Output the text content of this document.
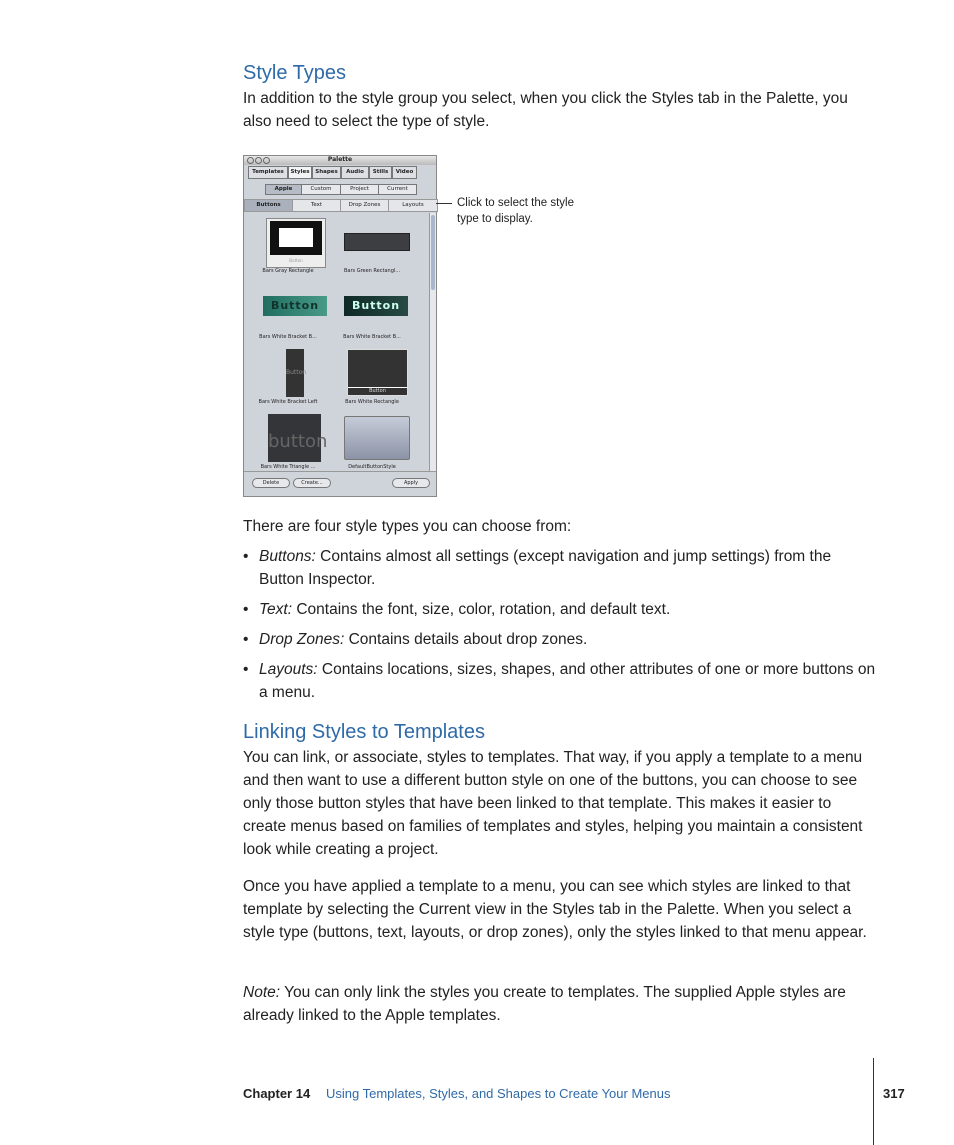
Style Types

In addition to the style group you select, when you click the Styles tab in the Palette, you also need to select the type of style.

Palette
Templates	Styles	Shapes	Audio	Stills	Video
Apple	Custom	Project	Current
Buttons	Text	Drop Zones	Layouts
Button
Bars Gray Rectangle	Bars Green Rectangl...
Button
Bars White Bracket B...
Button
Bars White Bracket B...
Button
Bars White Bracket Left
Button
Bars White Rectangle
button
Bars White Triangle ...	DefaultButtonStyle
Delete	Create...	Apply
Click to select the style type to display.

There are four style types you can choose from:

• Buttons: Contains almost all settings (except navigation and jump settings) from the Button Inspector.
• Text: Contains the font, size, color, rotation, and default text.
• Drop Zones: Contains details about drop zones.
• Layouts: Contains locations, sizes, shapes, and other attributes of one or more buttons on a menu.
Linking Styles to Templates

You can link, or associate, styles to templates. That way, if you apply a template to a menu and then want to use a different button style on one of the buttons, you can choose to see only those button styles that have been linked to that template. This makes it easier to create menus based on families of templates and styles, helping you maintain a consistent look while creating a project.

Once you have applied a template to a menu, you can see which styles are linked to that template by selecting the Current view in the Styles tab in the Palette. When you select a style type (buttons, text, layouts, or drop zones), only the styles linked to that menu appear.

Note: You can only link the styles you create to templates. The supplied Apple styles are already linked to the Apple templates.

Chapter 14 Using Templates, Styles, and Shapes to Create Your Menus	317
